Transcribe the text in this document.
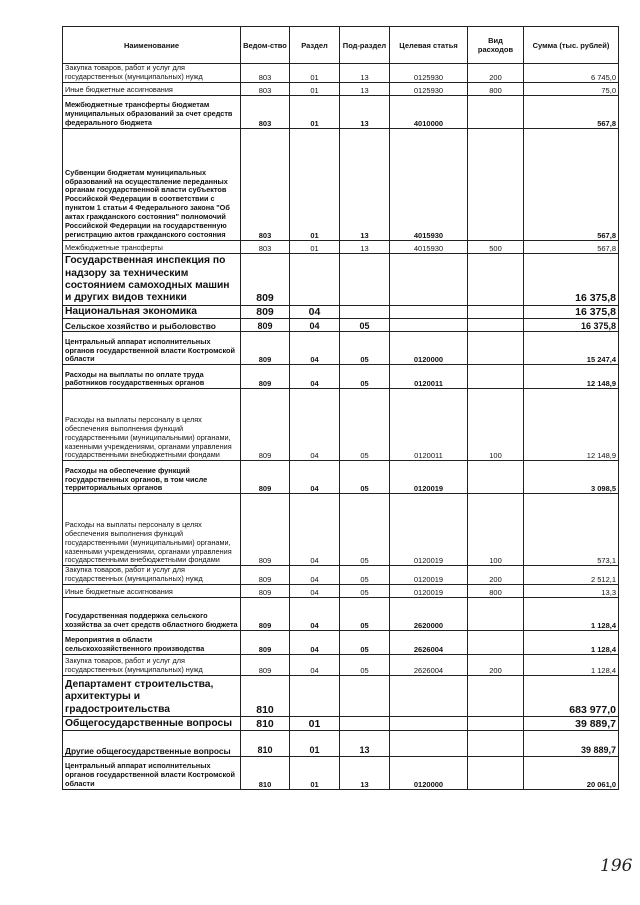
Наименование	Ведом-ство	Раздел	Под-раздел	Целевая статья	Вид расходов	Сумма (тыс. рублей)
Закупка товаров, работ и услуг для государственных (муниципальных) нужд	803	01	13	0125930	200	6 745,0
Иные бюджетные ассигнования	803	01	13	0125930	800	75,0
Межбюджетные трансферты бюджетам муниципальных образований за счет средств федерального бюджета	803	01	13	4010000		567,8
Субвенции бюджетам муниципальных образований на осуществление переданных органам государственной власти субъектов Российской Федерации в соответствии с пунктом 1 статьи 4 Федерального закона "Об актах гражданского состояния" полномочий Российской Федерации на государственную регистрацию актов гражданского состояния	803	01	13	4015930		567,8
Межбюджетные трансферты	803	01	13	4015930	500	567,8
Государственная инспекция по надзору за техническим состоянием самоходных машин и других видов техники	809					16 375,8
Национальная экономика	809	04				16 375,8
Сельское хозяйство и рыболовство	809	04	05			16 375,8
Центральный аппарат исполнительных органов государственной власти Костромской области	809	04	05	0120000		15 247,4
Расходы на выплаты по оплате труда работников государственных органов	809	04	05	0120011		12 148,9
Расходы на выплаты персоналу в целях обеспечения выполнения функций государственными (муниципальными) органами, казенными учреждениями, органами управления государственными внебюджетными фондами	809	04	05	0120011	100	12 148,9
Расходы на обеспечение функций государственных органов, в том числе территориальных органов	809	04	05	0120019		3 098,5
Расходы на выплаты персоналу в целях обеспечения выполнения функций государственными (муниципальными) органами, казенными учреждениями, органами управления государственными внебюджетными фондами	809	04	05	0120019	100	573,1
Закупка товаров, работ и услуг для государственных (муниципальных) нужд	809	04	05	0120019	200	2 512,1
Иные бюджетные ассигнования	809	04	05	0120019	800	13,3
Государственная поддержка сельского хозяйства за счет средств областного бюджета	809	04	05	2620000		1 128,4
Мероприятия в области сельскохозяйственного производства	809	04	05	2626004		1 128,4
Закупка товаров, работ и услуг для государственных (муниципальных) нужд	809	04	05	2626004	200	1 128,4
Департамент строительства, архитектуры и градостроительства	810					683 977,0
Общегосударственные вопросы	810	01				39 889,7
Другие общегосударственные вопросы	810	01	13			39 889,7
Центральный аппарат исполнительных органов государственной власти Костромской области	810	01	13	0120000		20 061,0
196
